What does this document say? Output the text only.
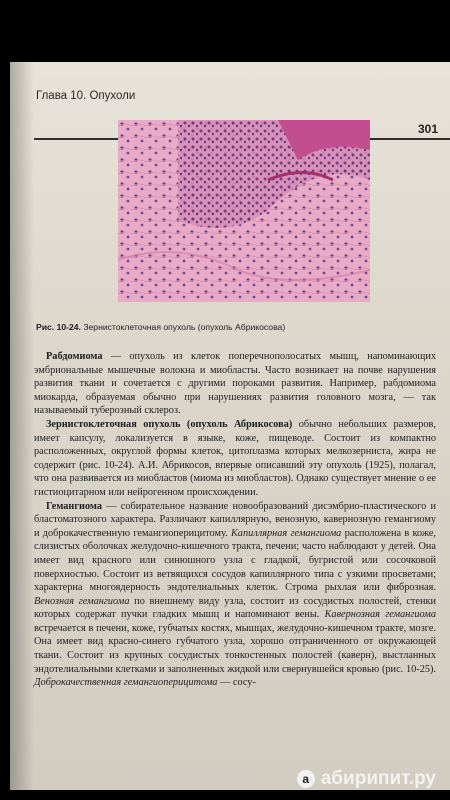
Глава 10. Опухоли
301
Рис. 10-24. Зернистоклеточная опухоль (опухоль Абрикосова)

Рабдомиома — опухоль из клеток поперечнополосатых мышц, напоминающих эмбриональные мышечные волокна и миобласты. Часто возникает на почве нарушения развития ткани и сочетается с другими пороками развития. Например, рабдомиома миокарда, образуемая обычно при нарушениях развития головного мозга, — так называемый туберозный склероз.

Зернистоклеточная опухоль (опухоль Абрикосова) обычно небольших размеров, имеет капсулу, локализуется в языке, коже, пищеводе. Состоит из компактно расположенных, округлой формы клеток, цитоплазма которых мелкозерниста, жира не содержит (рис. 10-24). А.И. Абрикосов, впервые описавший эту опухоль (1925), полагал, что она развивается из миобластов (миома из миобластов). Однако существует мнение о ее гистиоцитарном или нейрогенном происхождении.

Гемангиома — собирательное название новообразований дисэмбрио-пластического и бластоматозного характера. Различают капиллярную, венозную, кавернозную гемангиому и доброкачественную гемангиоперицитому. Капиллярная гемангиома расположена в коже, слизистых оболочках желудочно-кишечного тракта, печени; часто наблюдают у детей. Она имеет вид красного или синюшного узла с гладкой, бугристой или сосочковой поверхностью. Состоит из ветвящихся сосудов капиллярного типа с узкими просветами; характерна многоядерность эндотелиальных клеток. Строма рыхлая или фиброзная. Венозная гемангиома по внешнему виду узла, состоит из сосудистых полостей, стенки которых содержат пучки гладких мышц и напоминают вены. Кавернозная гемангиома встречается в печени, коже, губчатых костях, мышцах, желудочно-кишечном тракте, мозге. Она имеет вид красно-синего губчатого узла, хорошо отграниченного от окружающей ткани. Состоит из крупных сосудистых тонкостенных полостей (каверн), выстланных эндотелиальными клетками и заполненных жидкой или свернувшейся кровью (рис. 10-25). Доброкачественная гемангиоперицитома — сосу-

а абирипит.ру
